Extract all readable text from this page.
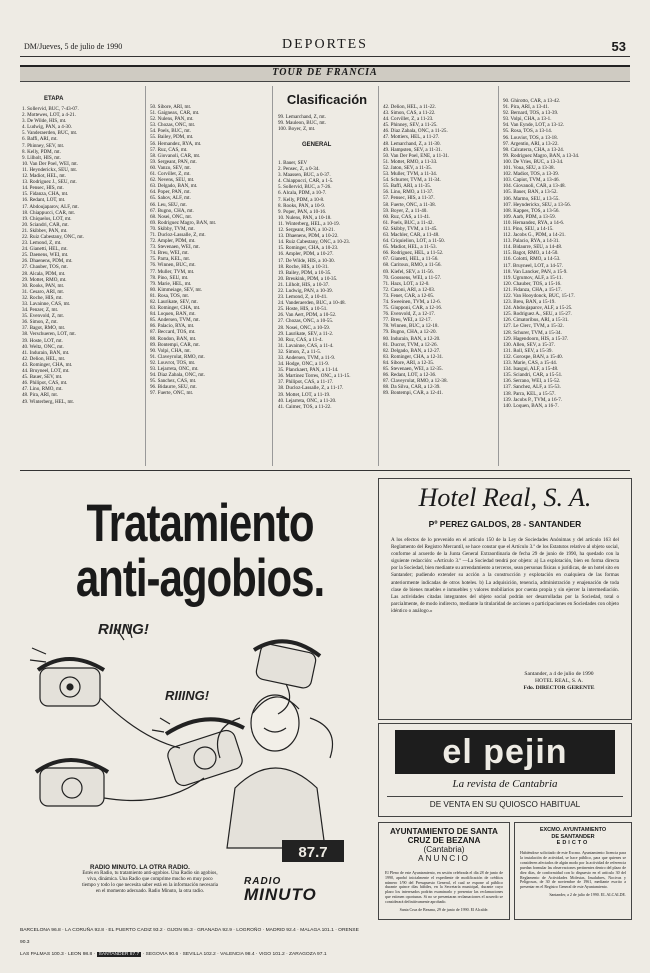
DM/Jueves, 5 de julio de 1990	DEPORTES	53
TOUR DE FRANCIA
ETAPA
1. Sollervid, BUC, 7-43-07.
2. Mottewes, LOT, a 4-21.
3. De Wilde, HIS, mt.
4. Ludwig, PAN, a 4-30.
5. Vanderaerden, BUC, mt.
6. Baffi, ARI, mt.
7. Phinney, SEV, mt.
8. Kelly, PDM, mt.
9. Lilholt, HIS, mt.
10. Van Der Poel, WEI, mt.
11. Heynderickx, SEU, mt.
12. Madiot, HEL, mt.
13. Rodriguez J., SEU, mt.
14. Pensec, HIS, mt.
15. Fidanza, CHA, mt.
16. Redant, LOT, mt.
17. Abdoujaparov, ALF, mt.
18. Chiappucci, CAR, mt.
19. Chiquelos, LOT, mt.
20. Sciandri, CAR, mt.
21. Skibbev, PAN, mt.
22. Ruiz Cabestany, ONC, mt.
23. Lemond, Z, mt.
24. Gianetti, HEL, mt.
25. Daenens, WEI, mt.
26. Dhaenens, PDM, mt.
27. Chauber, TOS, mt.
28. Alcala, PDM, mt.
29. Mottet, RMO, mt.
30. Rooks, PAN, mt.
31. Cesaro, ARI, mt.
32. Roche, HIS, mt.
33. Lavainne, CAS, mt.
34. Penzer, Z, mt.
35. Evenvold, Z, mt.
36. Simon, Z, mt.
37. Bagot, RMO, mt.
38. Verschueren, LOT, mt.
39. Hoste, LOT, mt.
40. Weltz, ONC, mt.
41. Indurain, BAN, mt.
42. Delion, HEL, mt.
43. Rominger, CHA, mt.
44. Bruyneel, LOT, mt.
45. Bauer, SEV, mt.
46. Philipot, CAS, mt.
47. Lino, RMO, mt.
48. Pira, ARI, mt.
49. Winterberg, HEL, mt.
50. Sibore, ARI, mt.
51. Gaigneax, CAR, mt.
52. Nulens, PAN, mt.
53. Chozas, ONC, mt.
54. Poels, BUC, mt.
55. Bailey, PDM, mt.
56. Hernandez, RYA, mt.
57. Ruz, CAS, mt.
58. Giovanoli, CAR, mt.
59. Sergeant, PAN, mt.
60. Vanzo, SEV, mt.
61. Corvillet, Z, mt.
62. Nevens, SEU, mt.
63. Delgado, BAN, mt.
64. Poper, PAN, mt.
65. Sahov, ALF, mt.
66. Leu, SEU, mt.
67. Bugno, CHA, mt.
68. Nosei, ONC, mt.
69. Rodriguez Magro, BAN, mt.
70. Skibby, TVM, mt.
71. Ducloz-Lassalle, Z, mt.
72. Ampler, PDM, mt.
73. Stevenaen, WEI, mt.
74. Breu, WEI, mt.
75. Parra, KEL, mt.
76. Winnen, BUC, mt.
77. Muller, TVM, mt.
78. Pino, SEU, mt.
79. Marie, HEL, mt.
80. Kimmeiage, SEV, mt.
81. Rosa, TOS, mt.
82. Laurikate, SEV, mt.
83. Rominger, CHA, mt.
84. Loquen, BAN, mt.
85. Andersen, TVM, mt.
86. Palacio, RYA, mt.
87. Beccard, TOS, mt.
88. Rondon, BAN, mt.
89. Bontempi, CAR, mt.
90. Volpi, CHA, mt.
91. Claveyrolat, RMO, mt.
92. Louvrot, TOS, mt.
93. Lejarreta, ONC, mt.
94. Diaz Zabala, ONC, mt.
95. Sanchez, CAS, mt.
96. Bidaurre, SEU, mt.
97. Fuerte, ONC, mt.
Clasificación
99. Lemarchand, Z, mt.
99. Mauleon, BUC, mt.
100. Boyer, Z, mt.
GENERAL
1. Bauer, SEV
2. Pensec, Z, a 0-34.
3. Maassen, BUC, a 0-37.
4. Chiappucci, CAR, a 1-5.
5. Sollervid, BUC, a 7-26.
6. Alcala, PDM, a 10-7.
7. Kelly, PDM, a 10-8.
8. Rooks, PAN, a 10-9.
9. Poper, PAN, a 10-16.
10. Nulens, PAN, a 10-18.
11. Winterberg, HEL, a 10-19.
12. Sergeant, PAN, a 10-21.
13. Dhaenens, PDM, a 10-22.
14. Ruiz Cabestany, ONC, a 10-23.
15. Rominger, CHA, a 10-23.
16. Ampler, PDM, a 10-27.
17. De Wilde, HIS, a 10-30.
18. Roche, HIS, a 10-31.
19. Bailey, PDM, a 10-35.
20. Breukink, PDM, a 10-35.
21. Lilholt, HIS, a 10-37.
22. Ludwig, PAN, a 10-39.
23. Lemond, Z, a 10-41.
24. Vanderaerden, BUC, a 10-48.
25. Hoste, HIS, a 10-51.
26. Van Aert, PDM, a 10-52.
27. Chozas, ONC, a 10-55.
28. Nosei, ONC, a 10-59.
29. Laurikate, SEV, a 11-2.
30. Ruz, CAS, a 11-4.
31. Lavainne, CAS, a 11-4.
32. Simon, Z, a 11-5.
33. Andersen, TVM, a 11-9.
34. Hodge, ONC, a 11-9.
35. Planckaert, PAN, a 11-14.
36. Martinez Torres, ONC, a 11-15.
37. Philipot, CAS, a 11-17.
38. Ducloz-Lassalle, Z, a 11-17.
39. Mottet, LOT, a 11-19.
40. Lejarreta, ONC, a 11-20.
41. Caimer, TOS, a 11-22.
42. Delion, HEL, a 11-22.
43. Simon, CAS, a 11-22.
44. Corvillet, Z, a 11-23.
45. Phinney, SEV, a 11-25.
46. Diaz Zabala, ONC, a 11-25.
47. Mottiers, HEL, a 11-27.
48. Lemarchand, Z, a 11-30.
49. Hampsten, SEV, a 11-31.
50. Van Der Poel, ENE, a 11-31.
51. Mottet, RMO, a 11-33.
52. Jaton, SEV, a 11-35.
53. Muller, TVM, a 11-34.
54. Schurrer, TVM, a 11-34.
55. Baffi, ARI, a 11-35.
56. Lino, RMO, a 11-37.
57. Pensec, HIS, a 11-37.
58. Fuerte, ONC, a 11-38.
59. Boyer, Z, a 11-40.
60. Ruz, CAS, a 11-41.
61. Poels, BUC, a 11-42.
62. Skibby, TVM, a 11-45.
63. Machler, CAR, a 11-48.
64. Criquielion, LOT, a 11-50.
65. Madiot, HEL, a 11-53.
66. Rodriguez, HEL, a 11-52.
67. Gianetti, HEL, a 11-56.
68. Caritoux, RMO, a 11-56.
69. Kiefel, SEV, a 11-56.
70. Goossens, WEI, a 11-57.
71. Hazs, LOT, a 12-0.
72. Casoni, ARI, a 12-03.
73. Fenet, CAR, a 12-05.
74. Sweeinen, TVM, a 12-6.
75. Giupponi, CAR, a 12-16.
76. Evenvold, Z, a 12-17.
77. Breu, WEI, a 12-17.
78. Winnen, BUC, a 12-18.
79. Bugno, CHA, a 12-20.
80. Indurain, BAN, a 12-20.
81. Ducrot, TVM, a 12-26.
82. Delgado, BAN, a 12-27.
83. Rominger, CHA, a 12-31.
84. Sibore, ARI, a 12-35.
85. Stevenaen, WEI, a 12-35.
86. Redant, LOT, a 12-36.
87. Claveyrolat, RMO, a 12-38.
88. Da Silva, CAR, a 12-39.
89. Bontempi, CAR, a 12-41.
90. Ghirotto, CAR, a 13-42.
91. Pira, ARI, a 13-41.
92. Bernard, TOS, a 13-39.
93. Volpi, CHA, a 13-1.
94. Van Eynde, LOT, a 13-12.
95. Rosa, TOS, a 13-14.
96. Louviot, TOS, a 13-18.
97. Argentin, ARI, a 13-22.
98. Calcaterra, CHA, a 13-24.
99. Rodriguez Magro, BAN, a 13-34.
100. De Vries, BUC, a 13-34.
101. Vona, SEU, a 13-38.
102. Madiot, TOS, a 13-39.
103. Capiot, TVM, a 13-46.
104. Giovanoli, CAR, a 13-48.
105. Bauer, BAN, a 13-52.
106. Marmo, SEU, a 13-55.
107. Heynderickx, SEU, a 13-56.
108. Kappes, TOS, a 13-56.
109. Aarb, PDM, a 13-59.
110. Hernandez, RYA, a 14-6.
111. Pino, SEU, a 14-15.
112. Jacobs G., PDM, a 14-21.
113. Palacio, RYA, a 14-31.
114. Bidaurre, SEU, a 14-48.
115. Bagot, RMO, a 14-50.
116. Colotti, RMO, a 14-53.
117. Bruyneel, LOT, a 14-57.
118. Van Lancker, PAN, a 15-9.
119. Ugrumov, ALF, a 15-11.
120. Chauber, TOS, a 15-16.
121. Fidanza, CHA, a 15-17.
122. Van Hooydonck, BUC, 15-17.
123. Breu, BAN, a 15-19.
124. Abdoujaparov, ALF, a 15-25.
125. Rodriguez A., SEU, a 15-27.
126. Cimatoribus, ARI, a 15-31.
127. Le Clerc, TVM, a 15-32.
128. Schurer, TVM, a 15-34.
129. Hagendoorn, HIS, a 15-37.
130. Allen, SEV, a 15-37.
131. Roll, SEV, a 15-39.
132. Gorospe, BAN, a 15-40.
133. Marie, CAS, a 15-44.
134. Isasgui, ALF, a 15-48.
135. Sciandri, CAR, a 15-51.
136. Serrano, WEI, a 15-52.
137. Sanchez, ALF, a 15-53.
138. Parra, KEL, a 15-57.
139. Jacobs P., TVM, a 16-7.
140. Loquen, BAN, a 16-7.
Tratamiento
anti-agobios.
RIIING!
RIIING!
87.7
RADIO MINUTO. LA OTRA RADIO.
Estés en Radio, tu tratamiento anti-agobios. Una Radio sin agobios, viva, dinámica. Una Radio que comprime mucho en muy poco tiempo y todo lo que necesita saber está en la información necesaria en el momento adecuado. Radio Minuto, la otra radio.
RADIO
MINUTO
BARCELONA 96.8 · LA CORUÑA 92.8 · EL PUERTO CADIZ 93.2 · GIJON 95.3 · GRANADA 92.9 · LOGROÑO · MADRID 92.4 · MALAGA 101.1 · ORENSE 90.3
LAS PALMAS 100.3 · LEON 98.8 · SANTANDER 87.7 · SEGOVIA 90.6 · SEVILLA 102.2 · VALENCIA 98.4 · VIGO 101.2 · ZARAGOZA 97.1
Hotel Real, S. A.
Pº PEREZ GALDOS, 28 - SANTANDER
A los efectos de lo prevenido en el artículo 150 de la Ley de Sociedades Anónimas y del artículo 163 del Reglamento del Registro Mercantil, se hace constar que el Artículo 3.º de los Estatutos relativo al objeto social, conforme al acuerdo de la Junta General Extraordinaria de fecha 29 de junio de 1990, ha quedado con la siguiente redacción: «Artículo 3.º —La Sociedad tendrá por objeto: a) La explotación, bien en forma directa por la Sociedad, bien mediante su arrendamiento a terceros, sean personas físicas o jurídicas, de un hotel sito en Santander; pudiendo extender su acción a la construcción y explotación en cualquiera de las formas anteriormente indicadas de otros hoteles. b) La adquisición, tenencia, administración y enajenación de toda clase de bienes muebles e inmuebles y valores mobiliarios por cuenta propia y sin ejercer la intermediación. Las actividades citadas integrantes del objeto social podrán ser desarrolladas por la Sociedad, total o parcialmente, de modo indirecto, mediante la titularidad de acciones o participaciones en Sociedades con objeto idéntico o análogo.»
Santander, a 4 de julio de 1990
HOTEL REAL, S. A.
Fdo. DIRECTOR GERENTE
el pejin
La revista de Cantabria
DE VENTA EN SU QUIOSCO HABITUAL
AYUNTAMIENTO DE SANTA
CRUZ DE BEZANA
(Cantabria)
ANUNCIO
El Pleno de este Ayuntamiento, en sesión celebrada el día 28 de junio de 1990, aprobó inicialmente el expediente de modificación de créditos número 1/90 del Presupuesto General, el cual se expone al público durante quince días hábiles, en la Secretaría municipal, durante cuyo plazo los interesados podrán examinarlo y presentar las reclamaciones que estimen oportunas. Si no se presentaran reclamaciones el acuerdo se considerará definitivamente aprobado.
Santa Cruz de Bezana, 29 de junio de 1990. El Alcalde.
EXCMO. AYUNTAMIENTO
DE SANTANDER
EDICTO
Habiéndose solicitado de este Excmo. Ayuntamiento licencia para la instalación de actividad, se hace público, para que quienes se consideren afectados de algún modo por la actividad de referencia puedan formular las observaciones pertinentes dentro del plazo de diez días, de conformidad con lo dispuesto en el artículo 30 del Reglamento de Actividades Molestas, Insalubres, Nocivas y Peligrosas, de 30 de noviembre de 1961, mediante escrito a presentar en el Registro General de este Ayuntamiento.
Santander, a 2 de julio de 1990. EL ALCALDE.
